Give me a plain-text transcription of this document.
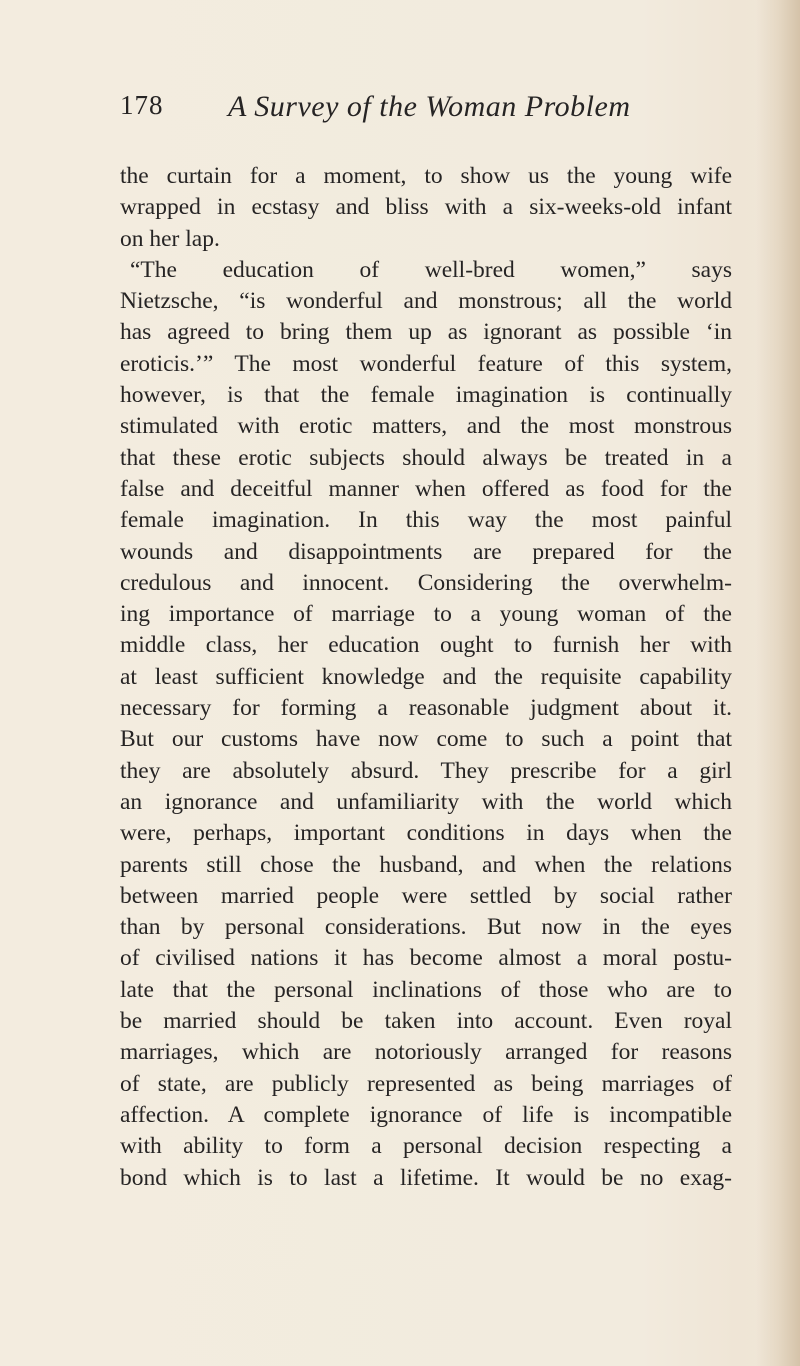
178 A Survey of the Woman Problem
the curtain for a moment, to show us the young wife
wrapped in ecstasy and bliss with a six-weeks-old infant
on her lap.
“The education of well-bred women,” says
Nietzsche, “is wonderful and monstrous; all the world
has agreed to bring them up as ignorant as possible ‘in
eroticis.’” The most wonderful feature of this system,
however, is that the female imagination is continually
stimulated with erotic matters, and the most monstrous
that these erotic subjects should always be treated in a
false and deceitful manner when offered as food for the
female imagination. In this way the most painful
wounds and disappointments are prepared for the
credulous and innocent. Considering the overwhelm-
ing importance of marriage to a young woman of the
middle class, her education ought to furnish her with
at least sufficient knowledge and the requisite capability
necessary for forming a reasonable judgment about it.
But our customs have now come to such a point that
they are absolutely absurd. They prescribe for a girl
an ignorance and unfamiliarity with the world which
were, perhaps, important conditions in days when the
parents still chose the husband, and when the relations
between married people were settled by social rather
than by personal considerations. But now in the eyes
of civilised nations it has become almost a moral postu-
late that the personal inclinations of those who are to
be married should be taken into account. Even royal
marriages, which are notoriously arranged for reasons
of state, are publicly represented as being marriages of
affection. A complete ignorance of life is incompatible
with ability to form a personal decision respecting a
bond which is to last a lifetime. It would be no exag-
